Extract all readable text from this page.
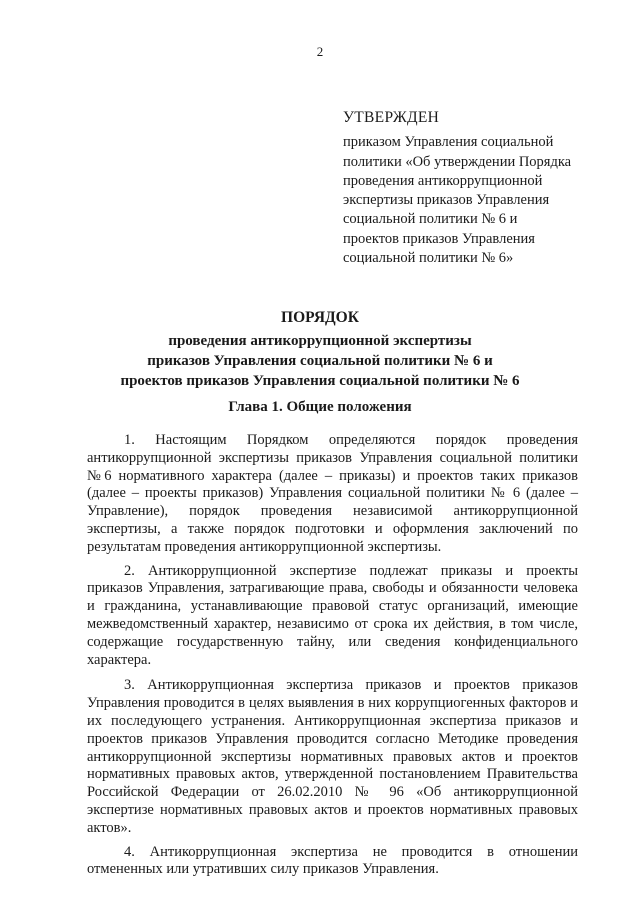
2
УТВЕРЖДЕН
приказом Управления социальной
политики «Об утверждении Порядка
проведения антикоррупционной
экспертизы приказов Управления
социальной политики № 6 и
проектов приказов Управления
социальной политики № 6»
ПОРЯДОК
проведения антикоррупционной экспертизы
приказов Управления социальной политики № 6 и
проектов приказов Управления социальной политики № 6
Глава 1. Общие положения

1. Настоящим Порядком определяются порядок проведения антикоррупционной экспертизы приказов Управления социальной политики №6 нормативного характера (далее – приказы) и проектов таких приказов (далее – проекты приказов) Управления социальной политики № 6 (далее – Управление), порядок проведения независимой антикоррупционной экспертизы, а также порядок подготовки и оформления заключений по результатам проведения антикоррупционной экспертизы.

2. Антикоррупционной экспертизе подлежат приказы и проекты приказов Управления, затрагивающие права, свободы и обязанности человека и гражданина, устанавливающие правовой статус организаций, имеющие межведомственный характер, независимо от срока их действия, в том числе, содержащие государственную тайну, или сведения конфиденциального характера.

3. Антикоррупционная экспертиза приказов и проектов приказов Управления проводится в целях выявления в них коррупциогенных факторов и их последующего устранения. Антикоррупционная экспертиза приказов и проектов приказов Управления проводится согласно Методике проведения антикоррупционной экспертизы нормативных правовых актов и проектов нормативных правовых актов, утвержденной постановлением Правительства Российской Федерации от 26.02.2010 № 96 «Об антикоррупционной экспертизе нормативных правовых актов и проектов нормативных правовых актов».

4. Антикоррупционная экспертиза не проводится в отношении отмененных или утративших силу приказов Управления.
